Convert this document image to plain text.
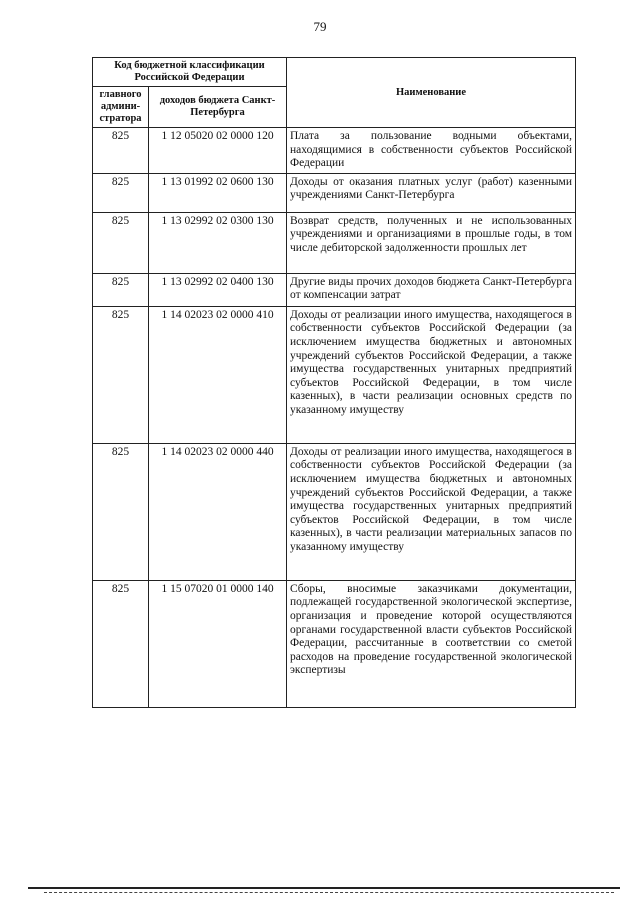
79
Код бюджетной классификации Российской Федерации		Наименование
главного админи-стратора	доходов бюджета Санкт-Петербурга	
825	1 12 05020 02 0000 120	Плата за пользование водными объектами, находящимися в собственности субъектов Российской Федерации
825	1 13 01992 02 0600 130	Доходы от оказания платных услуг (работ) казенными учреждениями Санкт-Петербурга
825	1 13 02992 02 0300 130	Возврат средств, полученных и не использованных учреждениями и организациями в прошлые годы, в том числе дебиторской задолженности прошлых лет
825	1 13 02992 02 0400 130	Другие виды прочих доходов бюджета Санкт-Петербурга от компенсации затрат
825	1 14 02023 02 0000 410	Доходы от реализации иного имущества, находящегося в собственности субъектов Российской Федерации (за исключением имущества бюджетных и автономных учреждений субъектов Российской Федерации, а также имущества государственных унитарных предприятий субъектов Российской Федерации, в том числе казенных), в части реализации основных средств по указанному имуществу
825	1 14 02023 02 0000 440	Доходы от реализации иного имущества, находящегося в собственности субъектов Российской Федерации (за исключением имущества бюджетных и автономных учреждений субъектов Российской Федерации, а также имущества государственных унитарных предприятий субъектов Российской Федерации, в том числе казенных), в части реализации материальных запасов по указанному имуществу
825	1 15 07020 01 0000 140	Сборы, вносимые заказчиками документации, подлежащей государственной экологической экспертизе, организация и проведение которой осуществляются органами государственной власти субъектов Российской Федерации, рассчитанные в соответствии со сметой расходов на проведение государственной экологической экспертизы
